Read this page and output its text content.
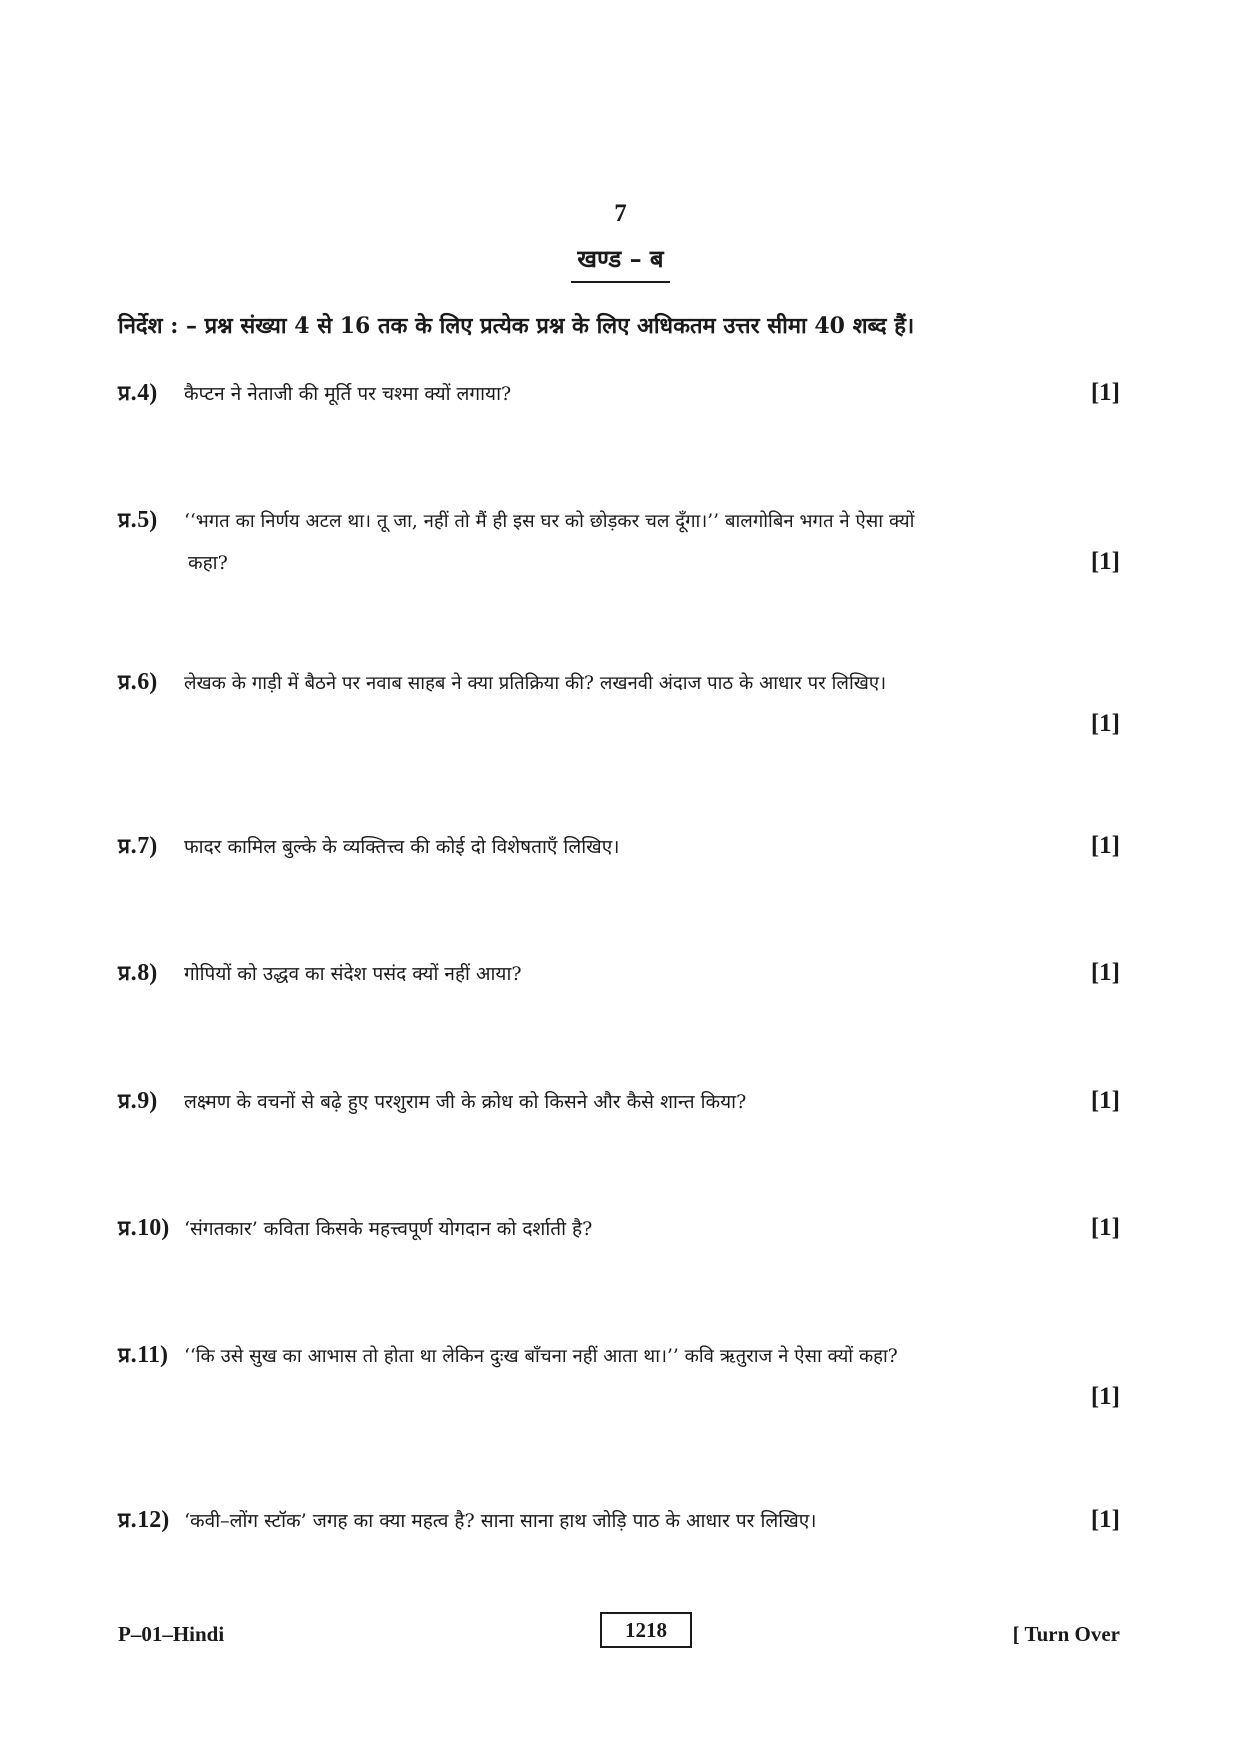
7
खण्ड – ब
निर्देश : – प्रश्न संख्या 4 से 16 तक के लिए प्रत्येक प्रश्न के लिए अधिकतम उत्तर सीमा 40 शब्द हैं।
प्र.4)	कैप्टन ने नेताजी की मूर्ति पर चश्मा क्यों लगाया?	[1]
प्र.5)	‘‘भगत का निर्णय अटल था। तू जा, नहीं तो मैं ही इस घर को छोड़कर चल दूँगा।’’ बालगोबिन भगत ने ऐसा क्यों
कहा?	[1]
प्र.6)	लेखक के गाड़ी में बैठने पर नवाब साहब ने क्या प्रतिक्रिया की? लखनवी अंदाज पाठ के आधार पर लिखिए।
[1]
प्र.7)	फादर कामिल बुल्के के व्यक्तित्त्व की कोई दो विशेषताएँ लिखिए।	[1]
प्र.8)	गोपियों को उद्धव का संदेश पसंद क्यों नहीं आया?	[1]
प्र.9)	लक्ष्मण के वचनों से बढ़े हुए परशुराम जी के क्रोध को किसने और कैसे शान्त किया?	[1]
प्र.10) ‘संगतकार’ कविता किसके महत्त्वपूर्ण योगदान को दर्शाती है?	[1]
प्र.11) ‘‘कि उसे सुख का आभास तो होता था लेकिन दुःख बाँचना नहीं आता था।’’ कवि ऋतुराज ने ऐसा क्यों कहा?
[1]
प्र.12) ‘कवी–लोंग स्टॉक’ जगह का क्या महत्व है? साना साना हाथ जोड़ि पाठ के आधार पर लिखिए।	[1]
P–01–Hindi	1218	[ Turn Over
